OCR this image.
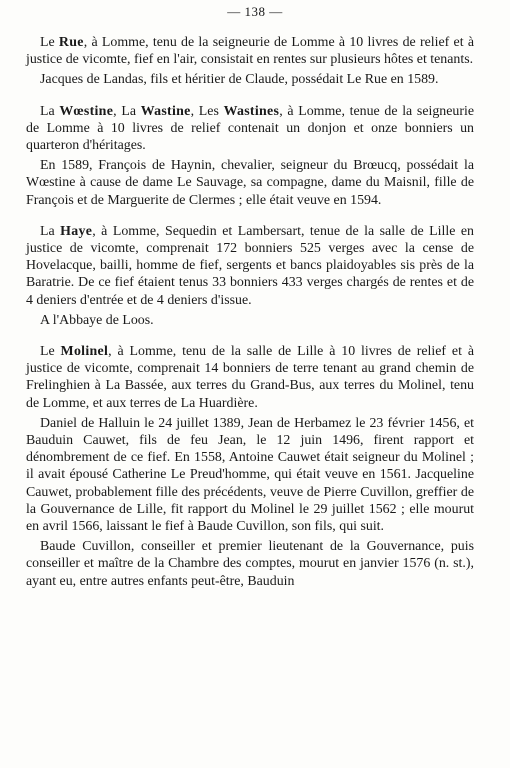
— 138 —

Le Rue, à Lomme, tenu de la seigneurie de Lomme à 10 livres de relief et à justice de vicomte, fief en l'air, consistait en rentes sur plusieurs hôtes et tenants.

Jacques de Landas, fils et héritier de Claude, possédait Le Rue en 1589.

La Wœstine, La Wastine, Les Wastines, à Lomme, tenue de la seigneurie de Lomme à 10 livres de relief contenait un donjon et onze bonniers un quarteron d'héritages.

En 1589, François de Haynin, chevalier, seigneur du Brœucq, possédait la Wœstine à cause de dame Le Sauvage, sa compagne, dame du Maisnil, fille de François et de Marguerite de Clermes ; elle était veuve en 1594.

La Haye, à Lomme, Sequedin et Lambersart, tenue de la salle de Lille en justice de vicomte, comprenait 172 bonniers 525 verges avec la cense de Hovelacque, bailli, homme de fief, sergents et bancs plaidoyables sis près de la Baratrie. De ce fief étaient tenus 33 bonniers 433 verges chargés de rentes et de 4 deniers d'entrée et de 4 deniers d'issue.

A l'Abbaye de Loos.

Le Molinel, à Lomme, tenu de la salle de Lille à 10 livres de relief et à justice de vicomte, comprenait 14 bonniers de terre tenant au grand chemin de Frelinghien à La Bassée, aux terres du Grand-Bus, aux terres du Molinel, tenu de Lomme, et aux terres de La Huardière.

Daniel de Halluin le 24 juillet 1389, Jean de Herbamez le 23 février 1456, et Bauduin Cauwet, fils de feu Jean, le 12 juin 1496, firent rapport et dénombrement de ce fief. En 1558, Antoine Cauwet était seigneur du Molinel ; il avait épousé Catherine Le Preud'homme, qui était veuve en 1561. Jacqueline Cauwet, probablement fille des précédents, veuve de Pierre Cuvillon, greffier de la Gouvernance de Lille, fit rapport du Molinel le 29 juillet 1562 ; elle mourut en avril 1566, laissant le fief à Baude Cuvillon, son fils, qui suit.

Baude Cuvillon, conseiller et premier lieutenant de la Gouvernance, puis conseiller et maître de la Chambre des comptes, mourut en janvier 1576 (n. st.), ayant eu, entre autres enfants peut-être, Bauduin
